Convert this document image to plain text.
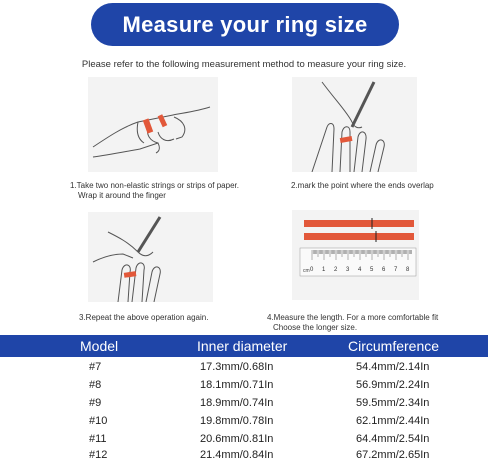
Measure your ring size
Please refer to the following measurement method to measure your ring size.
1.Take two non-elastic strings or strips of paper.
Wrap it around the finger
2.mark the point where the ends overlap
cm 0 1 2 3 4 5 6 7 8
3.Repeat the above operation again.	4.Measure the length. For a more comfortable fit
Choose the longer size.
Model	Inner diameter	Circumference
#7	17.3mm/0.68In	54.4mm/2.14In
#8	18.1mm/0.71In	56.9mm/2.24In
#9	18.9mm/0.74In	59.5mm/2.34In
#10	19.8mm/0.78In	62.1mm/2.44In
#11	20.6mm/0.81In	64.4mm/2.54In
#12	21.4mm/0.84In	67.2mm/2.65In
